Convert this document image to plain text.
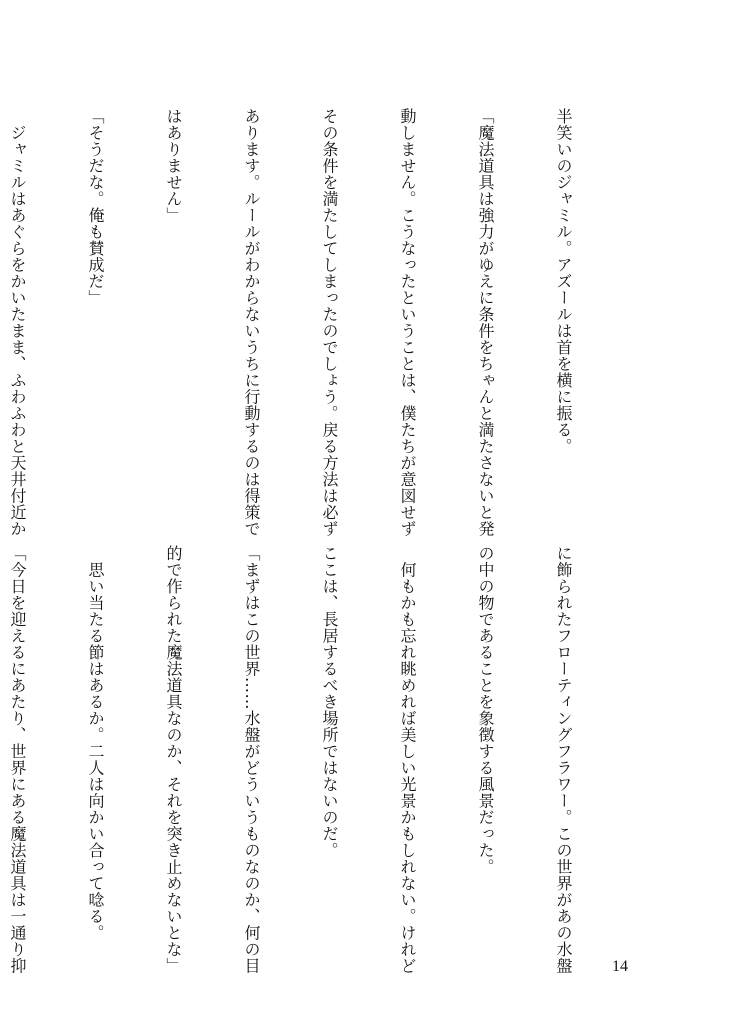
半笑いのジャミル。アズールは首を横に振る。

「魔法道具は強力がゆえに条件をちゃんと満たさないと発

動しません。こうなったということは、僕たちが意図せず

その条件を満たしてしまったのでしょう。戻る方法は必ず

あります。ルールがわからないうちに行動するのは得策で

はありません」

「そうだな。俺も賛成だ」

　ジャミルはあぐらをかいたまま、ふわふわと天井付近か

に飾られたフローティングフラワー。この世界があの水盤

の中の物であることを象徴する風景だった。

　何もかも忘れ眺めれば美しい光景かもしれない。けれど

ここは、長居するべき場所ではないのだ。

「まずはこの世界……水盤がどういうものなのか、何の目

的で作られた魔法道具なのか、それを突き止めないとな」

　思い当たる節はあるか。二人は向かい合って唸る。

「今日を迎えるにあたり、世界にある魔法道具は一通り抑

	14
